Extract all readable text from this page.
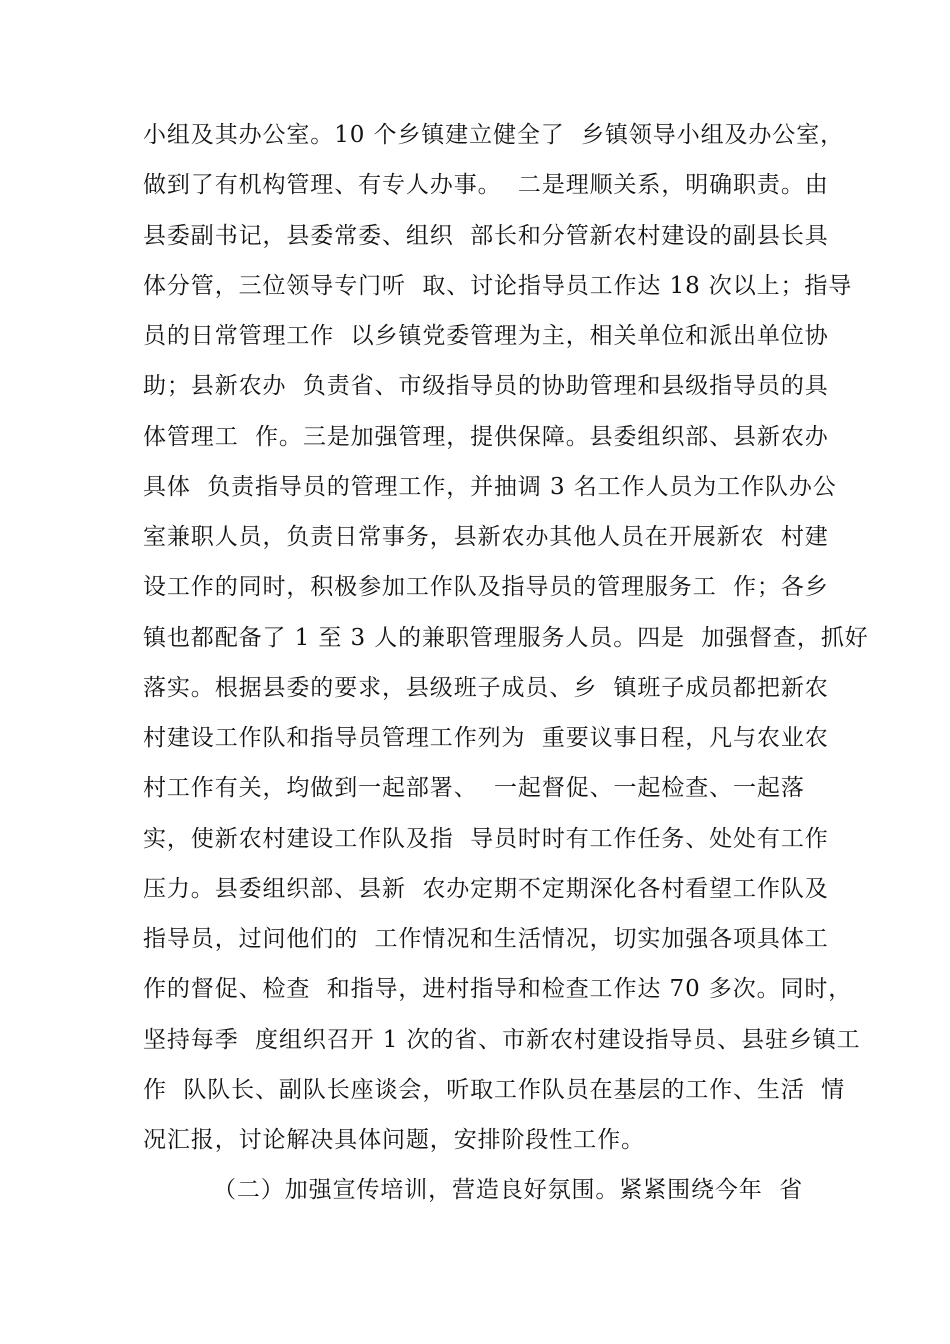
小组及其办公室。10 个乡镇建立健全了  乡镇领导小组及办公室，
做到了有机构管理、有专人办事。  二是理顺关系，明确职责。由
县委副书记，县委常委、组织  部长和分管新农村建设的副县长具
体分管，三位领导专门听  取、讨论指导员工作达 18 次以上；指导
员的日常管理工作  以乡镇党委管理为主，相关单位和派出单位协
助；县新农办  负责省、市级指导员的协助管理和县级指导员的具
体管理工  作。三是加强管理，提供保障。县委组织部、县新农办
具体  负责指导员的管理工作，并抽调 3 名工作人员为工作队办公
室兼职人员，负责日常事务，县新农办其他人员在开展新农  村建
设工作的同时，积极参加工作队及指导员的管理服务工  作；各乡
镇也都配备了 1 至 3 人的兼职管理服务人员。四是  加强督查，抓好
落实。根据县委的要求，县级班子成员、乡  镇班子成员都把新农
村建设工作队和指导员管理工作列为  重要议事日程，凡与农业农
村工作有关，均做到一起部署、  一起督促、一起检查、一起落
实，使新农村建设工作队及指  导员时时有工作任务、处处有工作
压力。县委组织部、县新  农办定期不定期深化各村看望工作队及
指导员，过问他们的  工作情况和生活情况，切实加强各项具体工
作的督促、检查  和指导，进村指导和检查工作达 70 多次。同时，
坚持每季  度组织召开 1 次的省、市新农村建设指导员、县驻乡镇工
作  队队长、副队长座谈会，听取工作队员在基层的工作、生活  情
况汇报，讨论解决具体问题，安排阶段性工作。
（二）加强宣传培训，营造良好氛围。紧紧围绕今年  省
